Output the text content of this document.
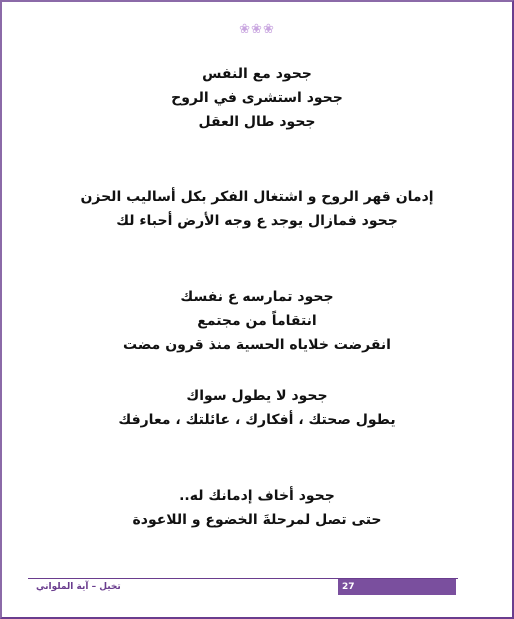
❀❀❀
جحود مع النفس
جحود استشرى في الروح
جحود طال العقل
إدمان قهر الروح و اشتغال الفكر بكل أساليب الحزن
جحود فمازال يوجد ع وجه الأرض أحباء لك
جحود تمارسه ع نفسك
انتقاماً من مجتمع
انقرضت خلاياه الحسية منذ قرون مضت
جحود لا يطول سواك
يطول صحتك ، أفكارك ، عائلتك ، معارفك
جحود أخاف إدمانك له..
حتى تصل لمرحلةَ الخضوع و اللاعودة
27
تخيل – آية الملواني
